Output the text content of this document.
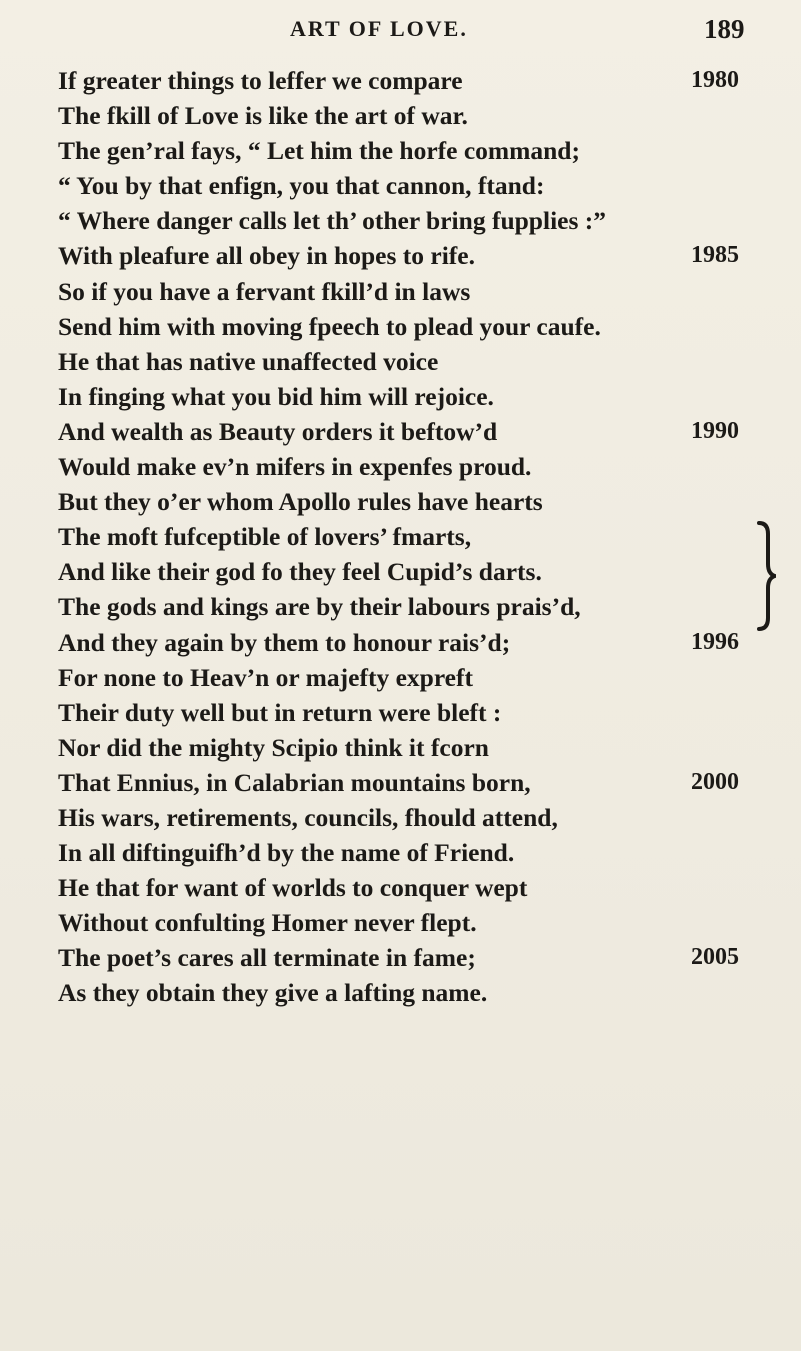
ART OF LOVE.	189
If greater things to leffer we compare	1980
The fkill of Love is like the art of war.
The gen’ral fays, “ Let him the horfe command;
“ You by that enfign, you that cannon, ftand:
“ Where danger calls let th’ other bring fupplies :”
With pleafure all obey in hopes to rife.	1985
So if you have a fervant fkill’d in laws
Send him with moving fpeech to plead your caufe.
He that has native unaffected voice
In finging what you bid him will rejoice.
And wealth as Beauty orders it beftow’d	1990
Would make ev’n mifers in expenfes proud.
But they o’er whom Apollo rules have hearts
The moft fufceptible of lovers’ fmarts,
And like their god fo they feel Cupid’s darts.
The gods and kings are by their labours prais’d,
And they again by them to honour rais’d;	1996
For none to Heav’n or majefty expreft
Their duty well but in return were bleft :
Nor did the mighty Scipio think it fcorn
That Ennius, in Calabrian mountains born,	2000
His wars, retirements, councils, fhould attend,
In all diftinguifh’d by the name of Friend.
He that for want of worlds to conquer wept
Without confulting Homer never flept.
The poet’s cares all terminate in fame;	2005
As they obtain they give a lafting name.
